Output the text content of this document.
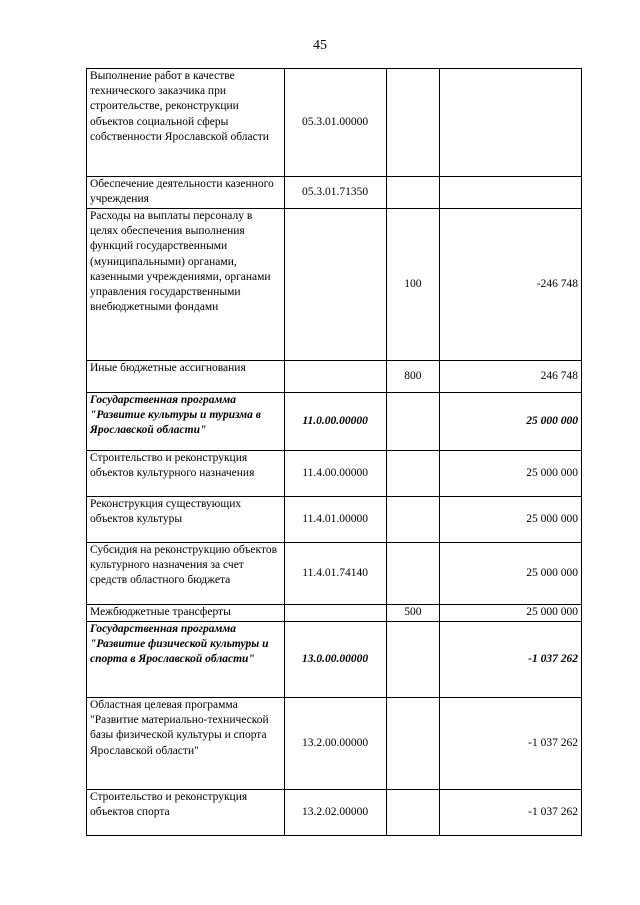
45
Выполнение работ в качестве технического заказчика при строительстве, реконструкции объектов социальной сферы собственности Ярославской области	05.3.01.00000		
Обеспечение деятельности казенного учреждения	05.3.01.71350		
Расходы на выплаты персоналу в целях обеспечения выполнения функций государственными (муниципальными) органами, казенными учреждениями, органами управления государственными внебюджетными фондами		100	-246 748
Иные бюджетные ассигнования		800	246 748
Государственная программа "Развитие культуры и туризма в Ярославской области"	11.0.00.00000		25 000 000
Строительство и реконструкция объектов культурного назначения	11.4.00.00000		25 000 000
Реконструкция существующих объектов культуры	11.4.01.00000		25 000 000
Субсидия на реконструкцию объектов культурного назначения за счет средств областного бюджета	11.4.01.74140		25 000 000
Межбюджетные трансферты		500	25 000 000
Государственная программа "Развитие физической культуры и спорта в Ярославской области"	13.0.00.00000		-1 037 262
Областная целевая программа "Развитие материально-технической базы физической культуры и спорта Ярославской области"	13.2.00.00000		-1 037 262
Строительство и реконструкция объектов спорта	13.2.02.00000		-1 037 262
